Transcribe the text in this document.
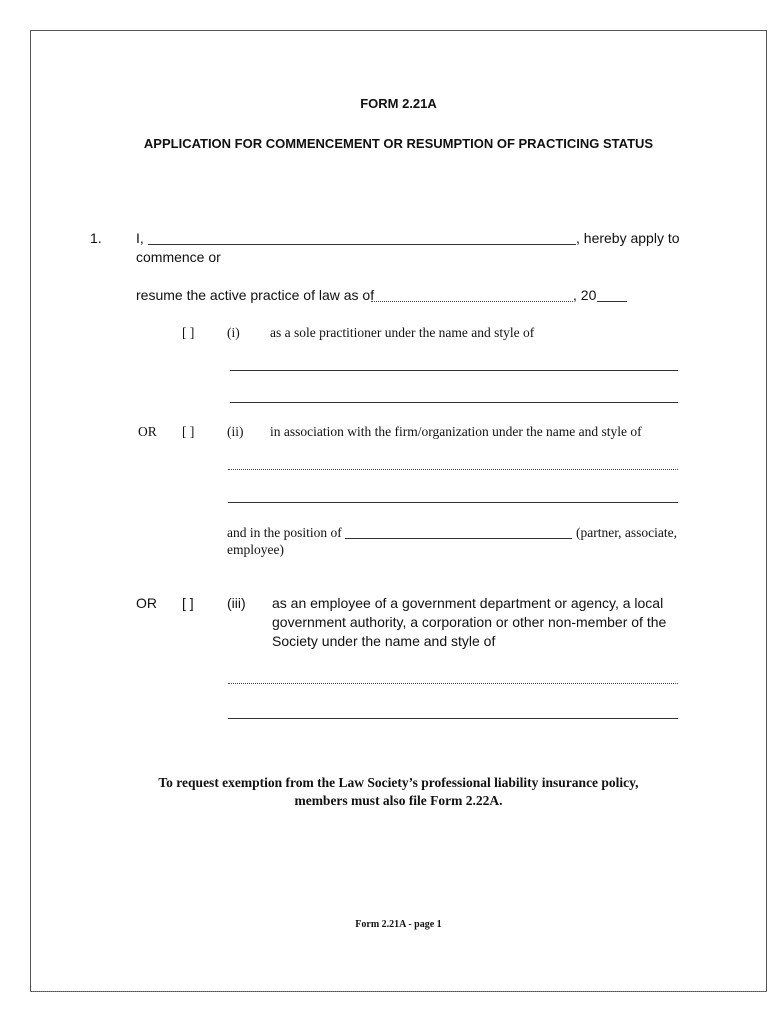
FORM 2.21A
APPLICATION FOR COMMENCEMENT OR RESUMPTION OF PRACTICING STATUS
1. I,	, hereby apply to
commence or
resume the active practice of law as of	, 20
[ ] (i) as a sole practitioner under the name and style of
OR [ ] (ii) in association with the firm/organization under the name and style of
and in the position of	(partner, associate,
employee)
OR [ ] (iii) as an employee of a government department or agency, a local
government authority, a corporation or other non-member of the
Society under the name and style of
To request exemption from the Law Society’s professional liability insurance policy,
members must also file Form 2.22A.
Form 2.21A - page 1
